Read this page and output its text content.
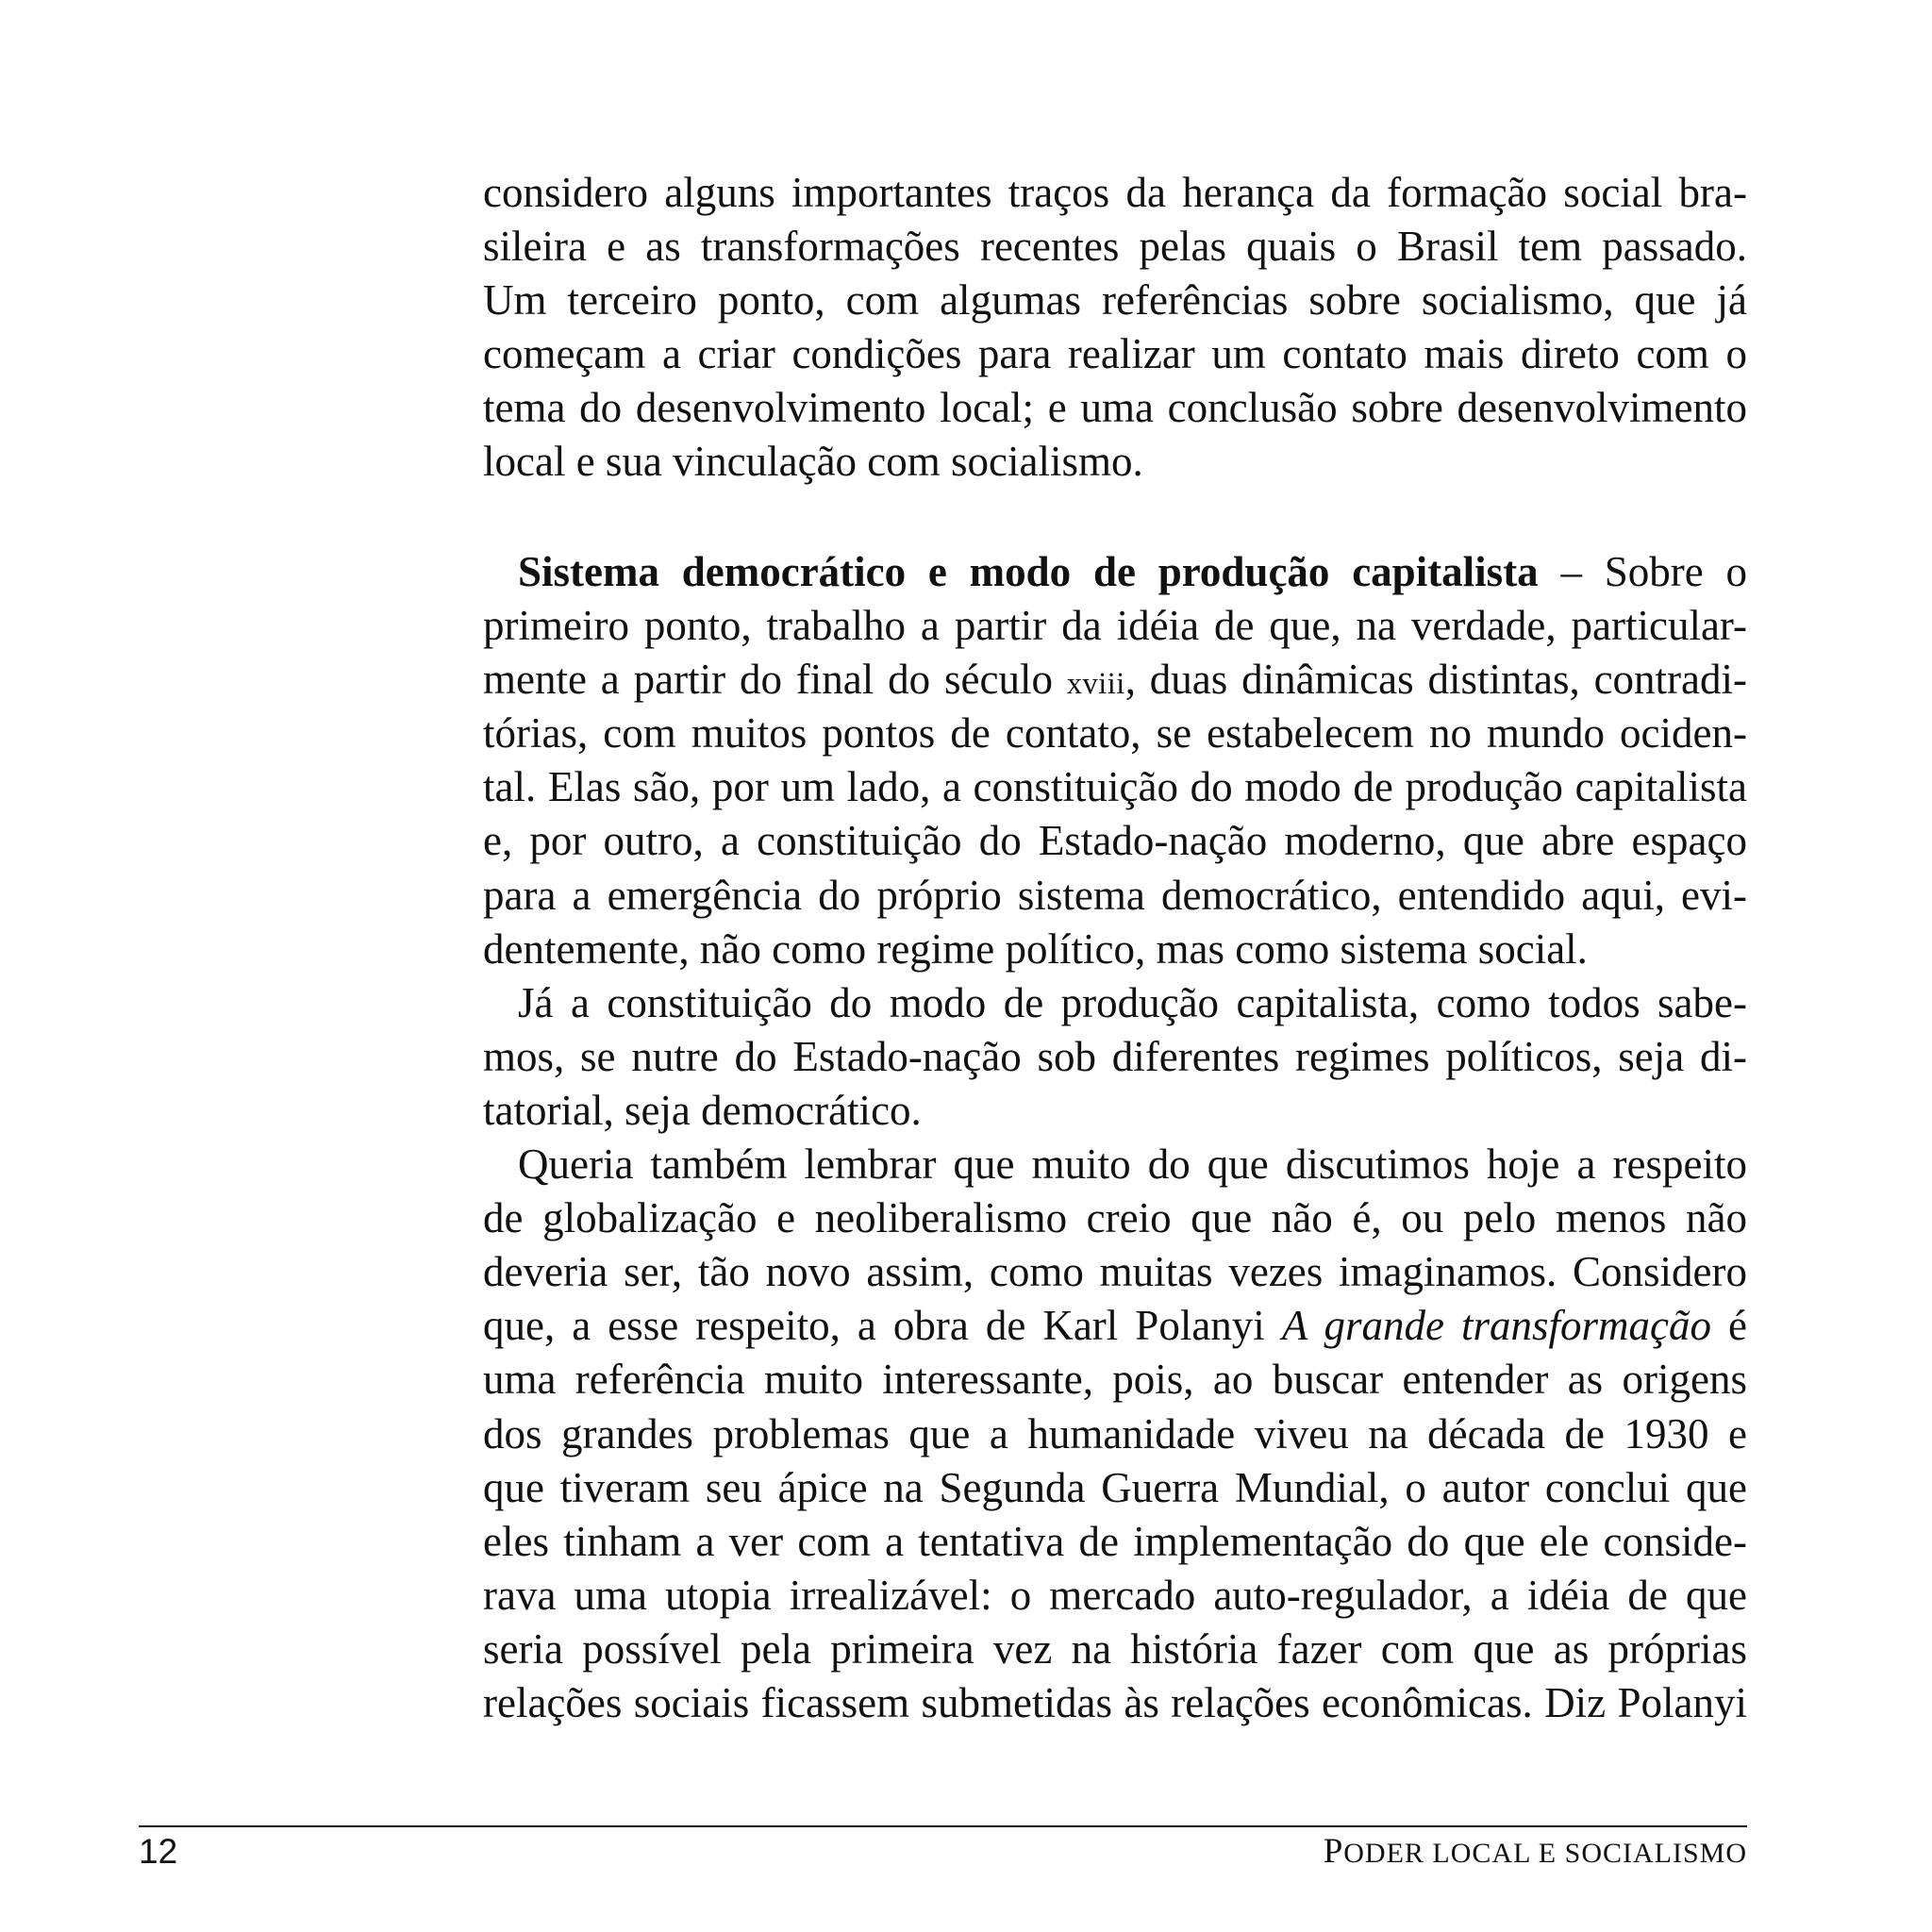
considero alguns importantes traços da herança da formação social bra-
sileira e as transformações recentes pelas quais o Brasil tem passado.
Um terceiro ponto, com algumas referências sobre socialismo, que já
começam a criar condições para realizar um contato mais direto com o
tema do desenvolvimento local; e uma conclusão sobre desenvolvimento
local e sua vinculação com socialismo.
Sistema democrático e modo de produção capitalista – Sobre o
primeiro ponto, trabalho a partir da idéia de que, na verdade, particular-
mente a partir do final do século xviii, duas dinâmicas distintas, contradi-
tórias, com muitos pontos de contato, se estabelecem no mundo ociden-
tal. Elas são, por um lado, a constituição do modo de produção capitalista
e, por outro, a constituição do Estado-nação moderno, que abre espaço
para a emergência do próprio sistema democrático, entendido aqui, evi-
dentemente, não como regime político, mas como sistema social.
Já a constituição do modo de produção capitalista, como todos sabe-
mos, se nutre do Estado-nação sob diferentes regimes políticos, seja di-
tatorial, seja democrático.
Queria também lembrar que muito do que discutimos hoje a respeito
de globalização e neoliberalismo creio que não é, ou pelo menos não
deveria ser, tão novo assim, como muitas vezes imaginamos. Considero
que, a esse respeito, a obra de Karl Polanyi A grande transformação é
uma referência muito interessante, pois, ao buscar entender as origens
dos grandes problemas que a humanidade viveu na década de 1930 e
que tiveram seu ápice na Segunda Guerra Mundial, o autor conclui que
eles tinham a ver com a tentativa de implementação do que ele conside-
rava uma utopia irrealizável: o mercado auto-regulador, a idéia de que
seria possível pela primeira vez na história fazer com que as próprias
relações sociais ficassem submetidas às relações econômicas. Diz Polanyi
12	PODER LOCAL E SOCIALISMO
